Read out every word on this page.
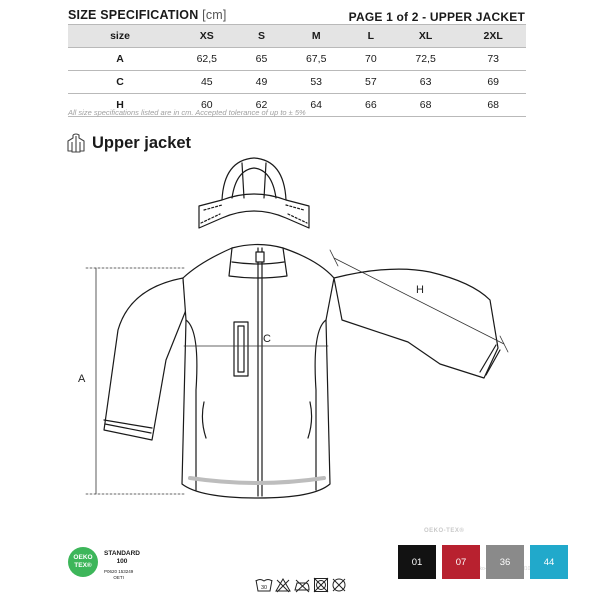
SIZE SPECIFICATION [cm]	PAGE 1 of 2 - UPPER JACKET
size	XS	S	M	L	XL	2XL
A	62,5	65	67,5	70	72,5	73
C	45	49	53	57	63	69
H	60	62	64	66	68	68
All size specifications listed are in cm. Accepted tolerance of up to ± 5%
Upper jacket
A
C
H
OEKO
TEX®
STANDARD
100
P0620 153249
OETI
30
OEKO-TEX®
01	07	36	44
